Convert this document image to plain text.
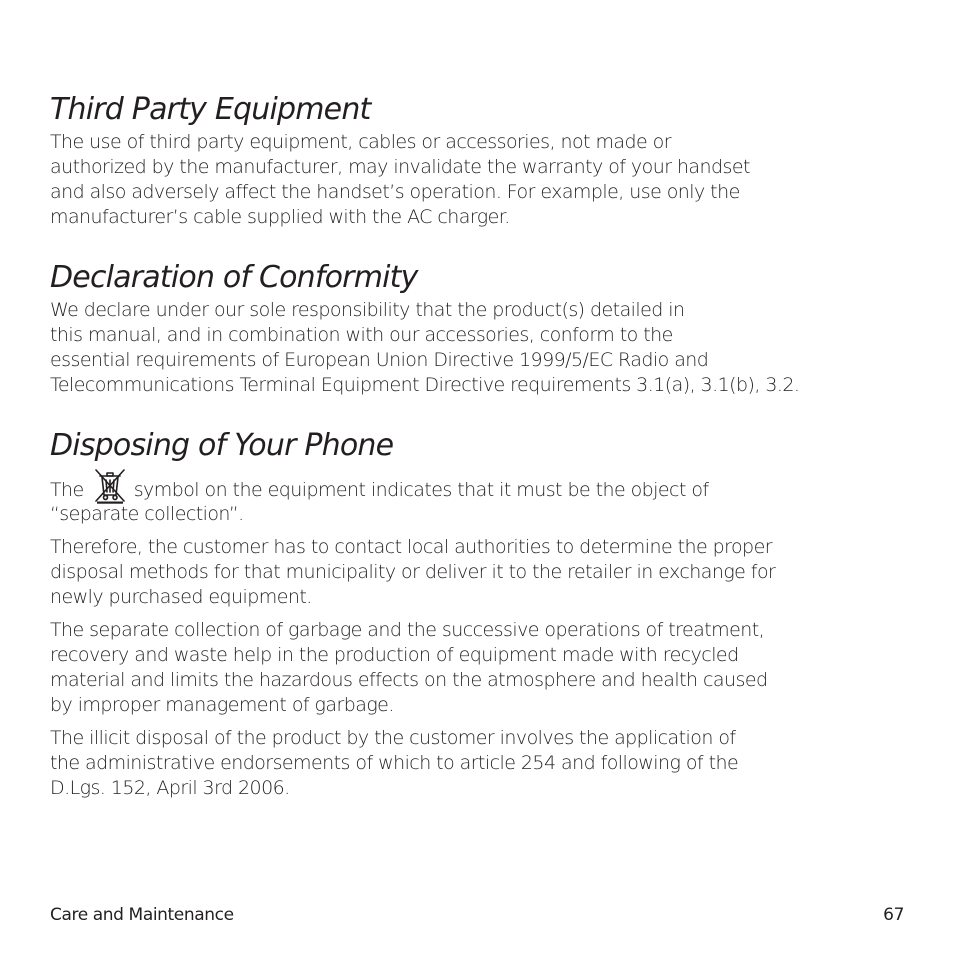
Third Party Equipment

The use of third party equipment, cables or accessories, not made or
authorized by the manufacturer, may invalidate the warranty of your handset
and also adversely affect the handset’s operation. For example, use only the
manufacturer’s cable supplied with the AC charger.

Declaration of Conformity

We declare under our sole responsibility that the product(s) detailed in
this manual, and in combination with our accessories, conform to the
essential requirements of European Union Directive 1999/5/EC Radio and
Telecommunications Terminal Equipment Directive requirements 3.1(a), 3.1(b), 3.2.

Disposing of Your Phone

The	symbol on the equipment indicates that it must be the object of
“separate collection”.

Therefore, the customer has to contact local authorities to determine the proper
disposal methods for that municipality or deliver it to the retailer in exchange for
newly purchased equipment.

The separate collection of garbage and the successive operations of treatment,
recovery and waste help in the production of equipment made with recycled
material and limits the hazardous effects on the atmosphere and health caused
by improper management of garbage.

The illicit disposal of the product by the customer involves the application of
the administrative endorsements of which to article 254 and following of the
D.Lgs. 152, April 3rd 2006.

Care and Maintenance	67
